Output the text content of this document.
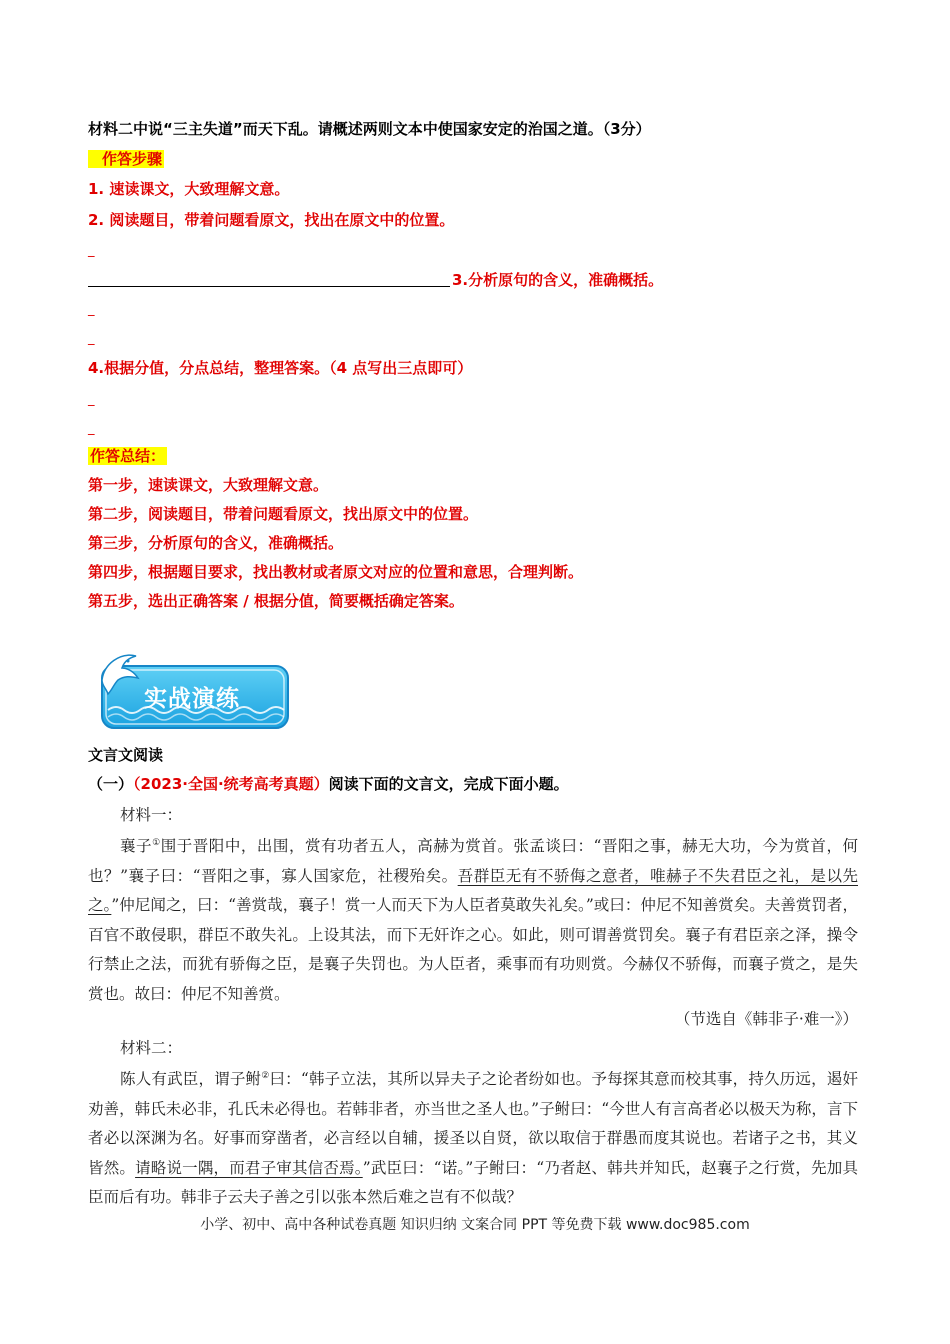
材料二中说“三主失道”而天下乱。请概述两则文本中使国家安定的治国之道。（3分）
作答步骤
1. 速读课文，大致理解文意。
2. 阅读题目，带着问题看原文，找出在原文中的位置。
_
3.分析原句的含义，准确概括。
_
_
4.根据分值，分点总结，整理答案。（4 点写出三点即可）
_
_
作答总结：
第一步，速读课文，大致理解文意。
第二步，阅读题目，带着问题看原文，找出原文中的位置。
第三步，分析原句的含义，准确概括。
第四步，根据题目要求，找出教材或者原文对应的位置和意思，合理判断。
第五步，选出正确答案 / 根据分值，简要概括确定答案。
实战演练
文言文阅读
（一）（2023·全国·统考高考真题）阅读下面的文言文，完成下面小题。
材料一：
襄子①围于晋阳中，出围，赏有功者五人，高赫为赏首。张孟谈曰：“晋阳之事，赫无大功，今为赏首，何也？”襄子曰：“晋阳之事，寡人国家危，社稷殆矣。吾群臣无有不骄侮之意者，唯赫子不失君臣之礼，是以先之。”仲尼闻之，曰：“善赏哉，襄子！赏一人而天下为人臣者莫敢失礼矣。”或曰：仲尼不知善赏矣。夫善赏罚者，百官不敢侵职，群臣不敢失礼。上设其法，而下无奸诈之心。如此，则可谓善赏罚矣。襄子有君臣亲之泽，操令行禁止之法，而犹有骄侮之臣，是襄子失罚也。为人臣者，乘事而有功则赏。今赫仅不骄侮，而襄子赏之，是失赏也。故曰：仲尼不知善赏。
（节选自《韩非子·难一》）
材料二：
陈人有武臣，谓子鲋②曰：“韩子立法，其所以异夫子之论者纷如也。予每探其意而校其事，持久历远，遏奸劝善，韩氏未必非，孔氏未必得也。若韩非者，亦当世之圣人也。”子鲋曰：“今世人有言高者必以极天为称，言下者必以深渊为名。好事而穿凿者，必言经以自辅，援圣以自贤，欲以取信于群愚而度其说也。若诸子之书，其义皆然。请略说一隅，而君子审其信否焉。”武臣曰：“诺。”子鲋曰：“乃者赵、韩共并知氏，赵襄子之行赏，先加具臣而后有功。韩非子云夫子善之引以张本然后难之岂有不似哉？
小学、初中、高中各种试卷真题 知识归纳 文案合同 PPT 等免费下载 www.doc985.com
